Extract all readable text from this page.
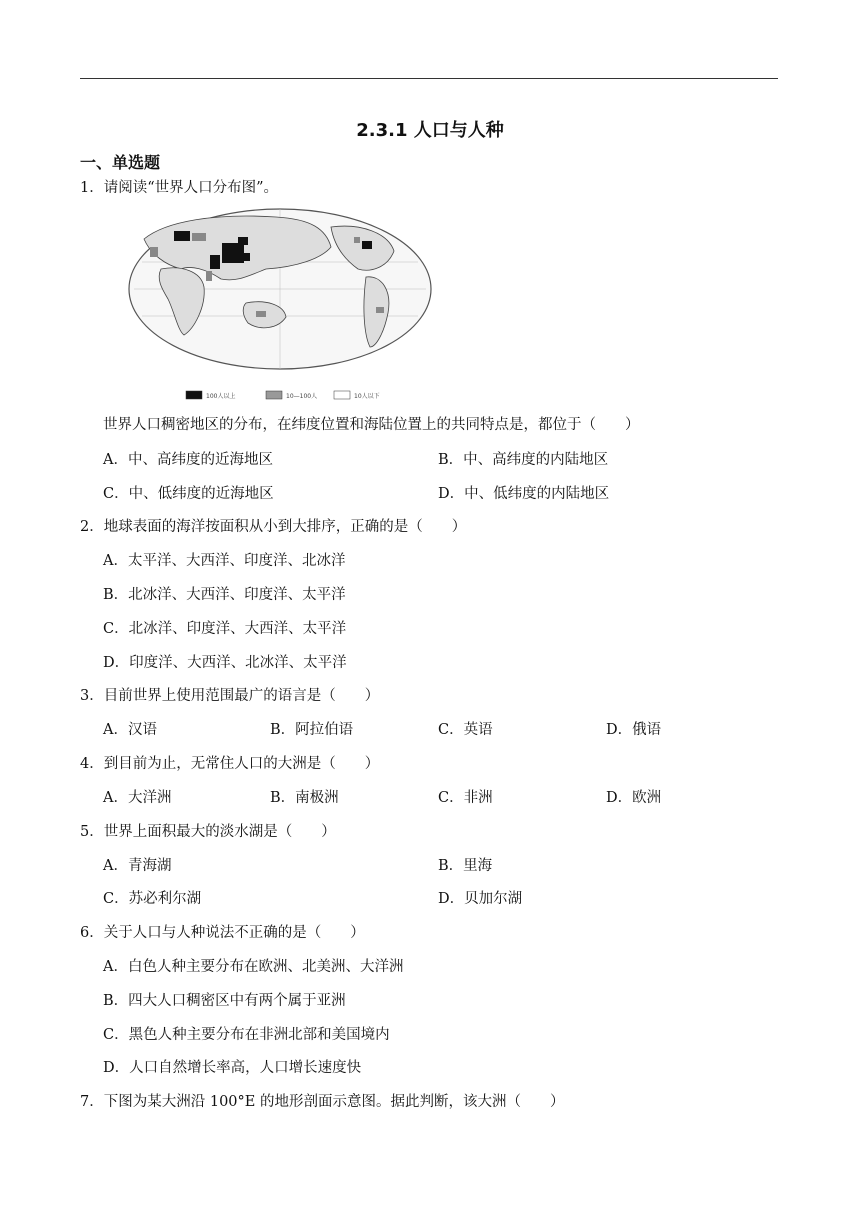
2.3.1 人口与人种
一、单选题
1．请阅读“世界人口分布图”。
100人以上	10—100人	10人以下
世界人口稠密地区的分布，在纬度位置和海陆位置上的共同特点是，都位于（　　）
A．中、高纬度的近海地区	B．中、高纬度的内陆地区
C．中、低纬度的近海地区	D．中、低纬度的内陆地区
2．地球表面的海洋按面积从小到大排序，正确的是（　　）
A．太平洋、大西洋、印度洋、北冰洋
B．北冰洋、大西洋、印度洋、太平洋
C．北冰洋、印度洋、大西洋、太平洋
D．印度洋、大西洋、北冰洋、太平洋
3．目前世界上使用范围最广的语言是（　　）
A．汉语	B．阿拉伯语	C．英语	D．俄语
4．到目前为止，无常住人口的大洲是（　　）
A．大洋洲	B．南极洲	C．非洲	D．欧洲
5．世界上面积最大的淡水湖是（　　）
A．青海湖	B．里海
C．苏必利尔湖	D．贝加尔湖
6．关于人口与人种说法不正确的是（　　）
A．白色人种主要分布在欧洲、北美洲、大洋洲
B．四大人口稠密区中有两个属于亚洲
C．黑色人种主要分布在非洲北部和美国境内
D．人口自然增长率高，人口增长速度快
7．下图为某大洲沿 100°E 的地形剖面示意图。据此判断，该大洲（　　）
